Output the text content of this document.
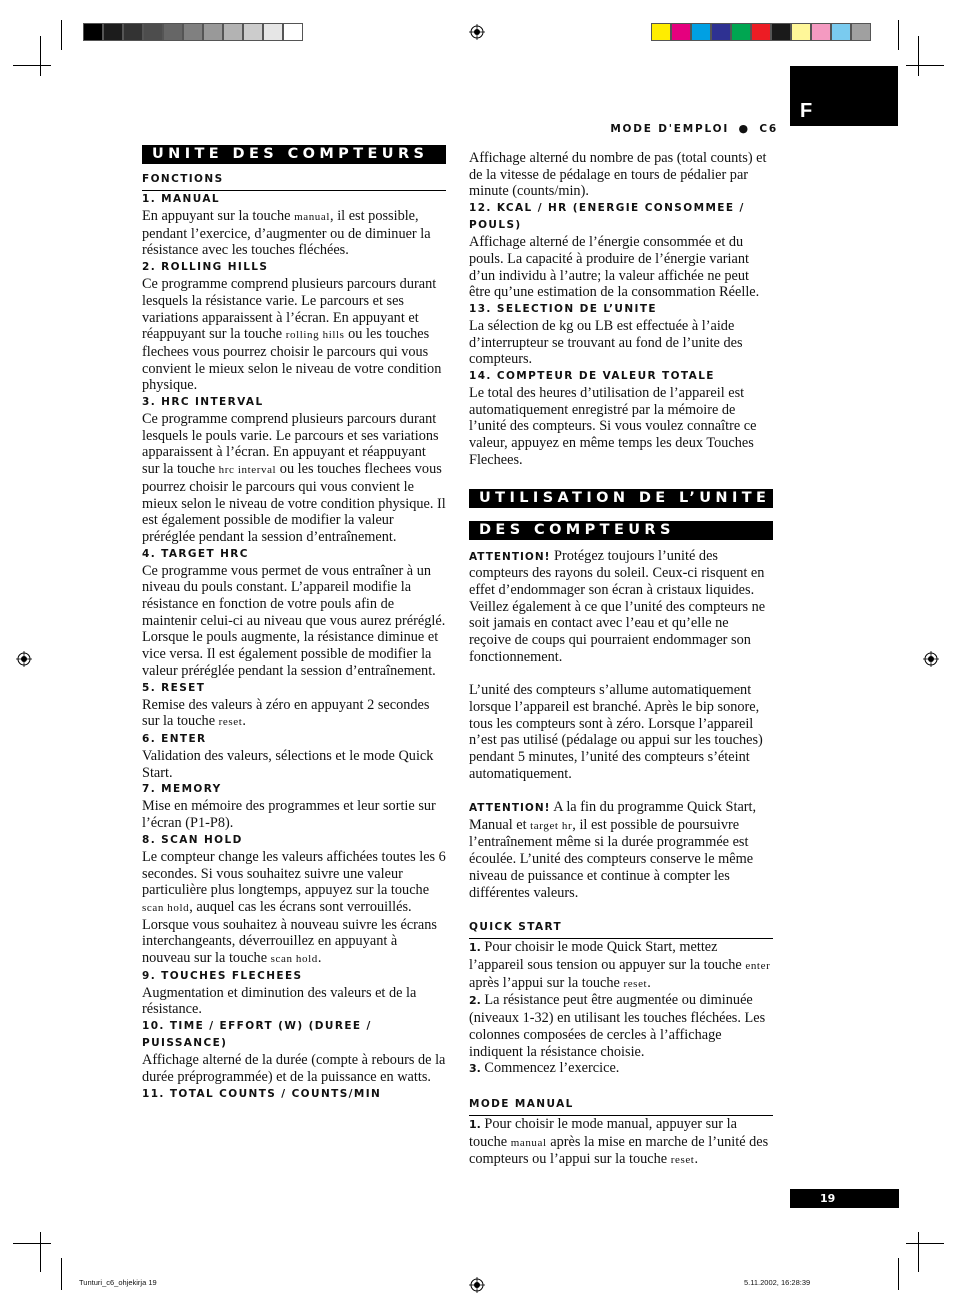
F
MODE D'EMPLOI ● C6
UNITE DES COMPTEURS

FONCTIONS

1. MANUAL

En appuyant sur la touche manual, il est possible, pendant l’exercice, d’augmenter ou de diminuer la résistance avec les touches fléchées.

2. ROLLING HILLS

Ce programme comprend plusieurs parcours durant lesquels la résistance varie. Le parcours et ses variations apparaissent à l’écran. En appuyant et réappuyant sur la touche rolling hills ou les touches flechees vous pourrez choisir le parcours qui vous convient le mieux selon le niveau de votre condition physique.

3. HRC INTERVAL

Ce programme comprend plusieurs parcours durant lesquels le pouls varie. Le parcours et ses variations apparaissent à l’écran. En appuyant et réappuyant sur la touche hrc interval ou les touches flechees vous pourrez choisir le parcours qui vous convient le mieux selon le niveau de votre condition physique. Il est également possible de modifier la valeur préréglée pendant la session d’entraînement.

4. TARGET HRC

Ce programme vous permet de vous entraîner à un niveau du pouls constant. L’appareil modifie la résistance en fonction de votre pouls afin de maintenir celui-ci au niveau que vous aurez préréglé. Lorsque le pouls augmente, la résistance diminue et vice versa. Il est également possible de modifier la valeur préréglée pendant la session d’entraînement.

5. RESET

Remise des valeurs à zéro en appuyant 2 secondes sur la touche reset.

6. ENTER

Validation des valeurs, sélections et le mode Quick Start.

7. MEMORY

Mise en mémoire des programmes et leur sortie sur l’écran (P1-P8).

8. SCAN HOLD

Le compteur change les valeurs affichées toutes les 6 secondes. Si vous souhaitez suivre une valeur particulière plus longtemps, appuyez sur la touche scan hold, auquel cas les écrans sont verrouillés. Lorsque vous souhaitez à nouveau suivre les écrans interchangeants, déverrouillez en appuyant à nouveau sur la touche scan hold.

9. TOUCHES FLECHEES

Augmentation et diminution des valeurs et de la résistance.

10. TIME / EFFORT (W) (DUREE / PUISSANCE)

Affichage alterné de la durée (compte à rebours de la durée préprogrammée) et de la puissance en watts.

11. TOTAL COUNTS / COUNTS/MIN

Affichage alterné du nombre de pas (total counts) et de la vitesse de pédalage en tours de pédalier par minute (counts/min).

12. KCAL / HR (ENERGIE CONSOMMEE / POULS)

Affichage alterné de l’énergie consommée et du pouls. La capacité à produire de l’énergie variant d’un individu à l’autre; la valeur affichée ne peut être qu’une estimation de la consommation Réelle.

13. SELECTION DE L’UNITE

La sélection de kg ou LB est effectuée à l’aide d’interrupteur se trouvant au fond de l’unite des compteurs.

14. COMPTEUR DE VALEUR TOTALE

Le total des heures d’utilisation de l’appareil est automatiquement enregistré par la mémoire de l’unité des compteurs. Si vous voulez connaître ce valeur, appuyez en même temps les deux Touches Flechees.

UTILISATION DE L’UNITE
DES COMPTEURS

ATTENTION! Protégez toujours l’unité des compteurs des rayons du soleil. Ceux-ci risquent en effet d’endommager son écran à cristaux liquides. Veillez également à ce que l’unité des compteurs ne soit jamais en contact avec l’eau et qu’elle ne reçoive de coups qui pourraient endommager son fonctionnement.

L’unité des compteurs s’allume automatiquement lorsque l’appareil est branché. Après le bip sonore, tous les compteurs sont à zéro. Lorsque l’appareil n’est pas utilisé (pédalage ou appui sur les touches) pendant 5 minutes, l’unité des compteurs s’éteint automatiquement.

ATTENTION! A la fin du programme Quick Start, Manual et target hr, il est possible de poursuivre l’entraînement même si la durée programmée est écoulée. L’unité des compteurs conserve le même niveau de puissance et continue à compter les différentes valeurs.

QUICK START

1. Pour choisir le mode Quick Start, mettez l’appareil sous tension ou appuyer sur la touche enter après l’appui sur la touche reset.

2. La résistance peut être augmentée ou diminuée (niveaux 1-32) en utilisant les touches fléchées. Les colonnes composées de cercles à l’affichage indiquent la résistance choisie.

3. Commencez l’exercice.

MODE MANUAL

1. Pour choisir le mode manual, appuyer sur la touche manual après la mise en marche de l’unité des compteurs ou l’appui sur la touche reset.

19
Tunturi_c6_ohjekirja 19	5.11.2002, 16:28:39
